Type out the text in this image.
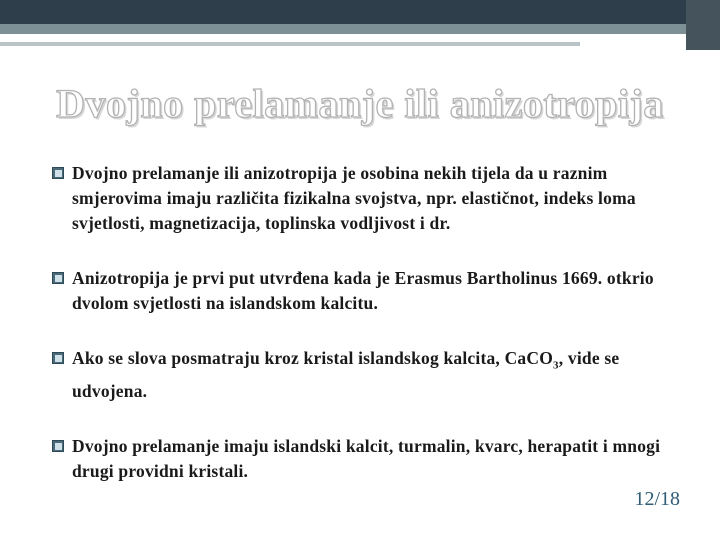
Dvojno prelamanje ili anizotropija
Dvojno prelamanje ili anizotropija je osobina nekih tijela da u raznim smjerovima imaju različita fizikalna svojstva, npr. elastičnot, indeks loma svjetlosti, magnetizacija, toplinska vodljivost i dr.
Anizotropija je prvi put utvrđena kada je Erasmus Bartholinus 1669. otkrio dvolom svjetlosti na islandskom kalcitu.
Ako se slova posmatraju kroz kristal islandskog kalcita, CaCO$_3$, vide se udvojena.
Dvojno prelamanje imaju islandski kalcit, turmalin, kvarc, herapatit i mnogi drugi providni kristali.
12/18
